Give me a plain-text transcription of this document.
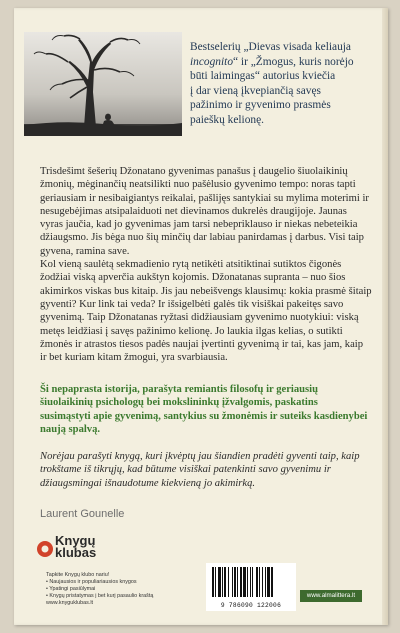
Bestselerių „Dievas visada keliauja
incognito“ ir „Žmogus, kuris norėjo
būti laimingas“ autorius kviečia
į dar vieną įkvepiančią savęs
pažinimo ir gyvenimo prasmės
paieškų kelionę.

Trisdešimt šešerių Džonatano gyvenimas panašus į daugelio šiuolaikinių žmonių, mėginančių neatsilikti nuo pašėlusio gyvenimo tempo: noras tapti geriausiam ir nesibaigiantys reikalai, pašlijęs santykiai su mylima moterimi ir nesugebėjimas atsipalaiduoti net dievinamos dukrelės draugijoje. Jaunas vyras jaučia, kad jo gyvenimas jam tarsi nebepriklauso ir niekas nebeteikia džiaugsmo. Jis bėga nuo šių minčių dar labiau panirdamas į darbus. Visi taip gyvena, ramina save.

Kol vieną saulėtą sekmadienio rytą netikėti atsitiktinai sutiktos čigonės žodžiai viską apverčia aukštyn kojomis. Džonatanas supranta – nuo šios akimirkos viskas bus kitaip. Jis jau nebeišvengs klausimų: kokia prasmė šitaip gyventi? Kur link tai veda? Ir išsigelbėti galės tik visiškai pakeitęs savo gyvenimą. Taip Džonatanas ryžtasi didžiausiam gyvenimo nuotykiui: viską metęs leidžiasi į savęs pažinimo kelionę. Jo laukia ilgas kelias, o sutikti žmonės ir atrastos tiesos padės naujai įvertinti gyvenimą ir tai, kas jam, kaip ir bet kuriam kitam žmogui, yra svarbiausia.

Ši nepaprasta istorija, parašyta remiantis filosofų ir geriausių šiuolaikinių psichologų bei mokslininkų įžvalgomis, paskatins susimąstyti apie gyvenimą, santykius su žmonėmis ir suteiks kasdienybei naują spalvą.
Norėjau parašyti knygą, kuri įkvėptų jau šiandien pradėti gyventi taip, kaip trokštame iš tikrųjų, kad būtume visiškai patenkinti savo gyvenimu ir džiaugsmingai išnaudotume kiekvieną jo akimirką.
Laurent Gounelle
Knygų
klubas
Tapkite Knygų klubo nariu!
• Naujausios ir populiariausios knygos
• Ypatingi pasiūlymai
• Knygų pristatymas į bet kurį pasaulio kraštą
www.knyguklubas.lt	9 786090 122006
www.almalittera.lt
